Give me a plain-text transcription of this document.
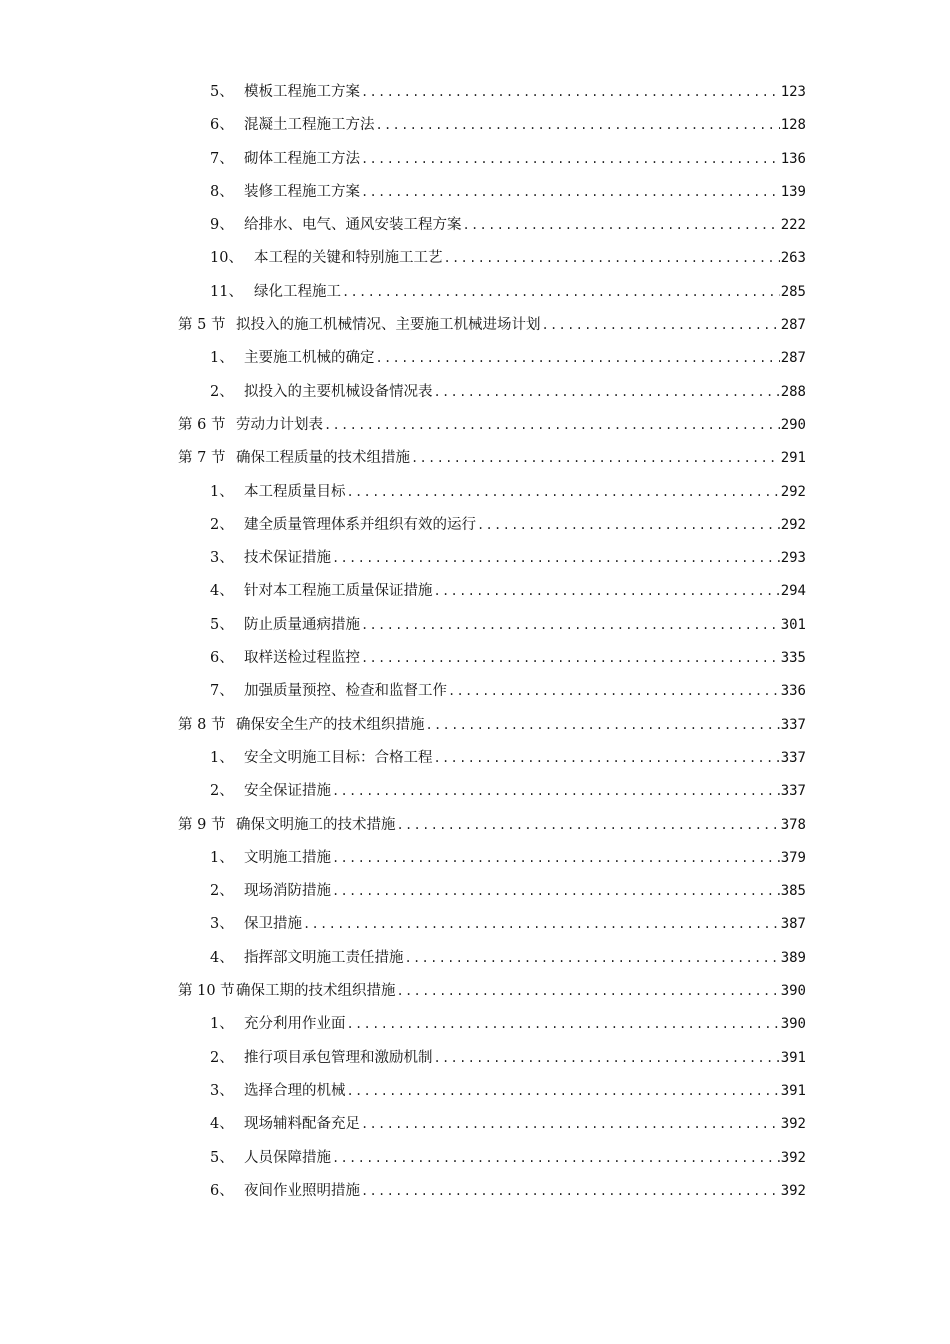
5、 模板工程施工方案 .....	123
6、 混凝土工程施工方法 .....	128
7、 砌体工程施工方法 .....	136
8、 装修工程施工方案 .....	139
9、 给排水、电气、通风安装工程方案 .....	222
10、 本工程的关键和特别施工工艺 .....	263
11、 绿化工程施工 .....	285
第 5 节 拟投入的施工机械情况、主要施工机械进场计划 .....	287
1、 主要施工机械的确定 .....	287
2、 拟投入的主要机械设备情况表 .....	288
第 6 节 劳动力计划表 .....	290
第 7 节 确保工程质量的技术组措施 .....	291
1、 本工程质量目标 .....	292
2、 建全质量管理体系并组织有效的运行 .....	292
3、 技术保证措施 .....	293
4、 针对本工程施工质量保证措施 .....	294
5、 防止质量通病措施 .....	301
6、 取样送检过程监控 .....	335
7、 加强质量预控、检查和监督工作 .....	336
第 8 节 确保安全生产的技术组织措施 .....	337
1、 安全文明施工目标：合格工程 .....	337
2、 安全保证措施 .....	337
第 9 节 确保文明施工的技术措施 .....	378
1、 文明施工措施 .....	379
2、 现场消防措施 .....	385
3、 保卫措施 .....	387
4、 指挥部文明施工责任措施 .....	389
第 10 节 确保工期的技术组织措施 .....	390
1、 充分利用作业面 .....	390
2、 推行项目承包管理和激励机制 .....	391
3、 选择合理的机械 .....	391
4、 现场辅料配备充足 .....	392
5、 人员保障措施 .....	392
6、 夜间作业照明措施 .....	392
